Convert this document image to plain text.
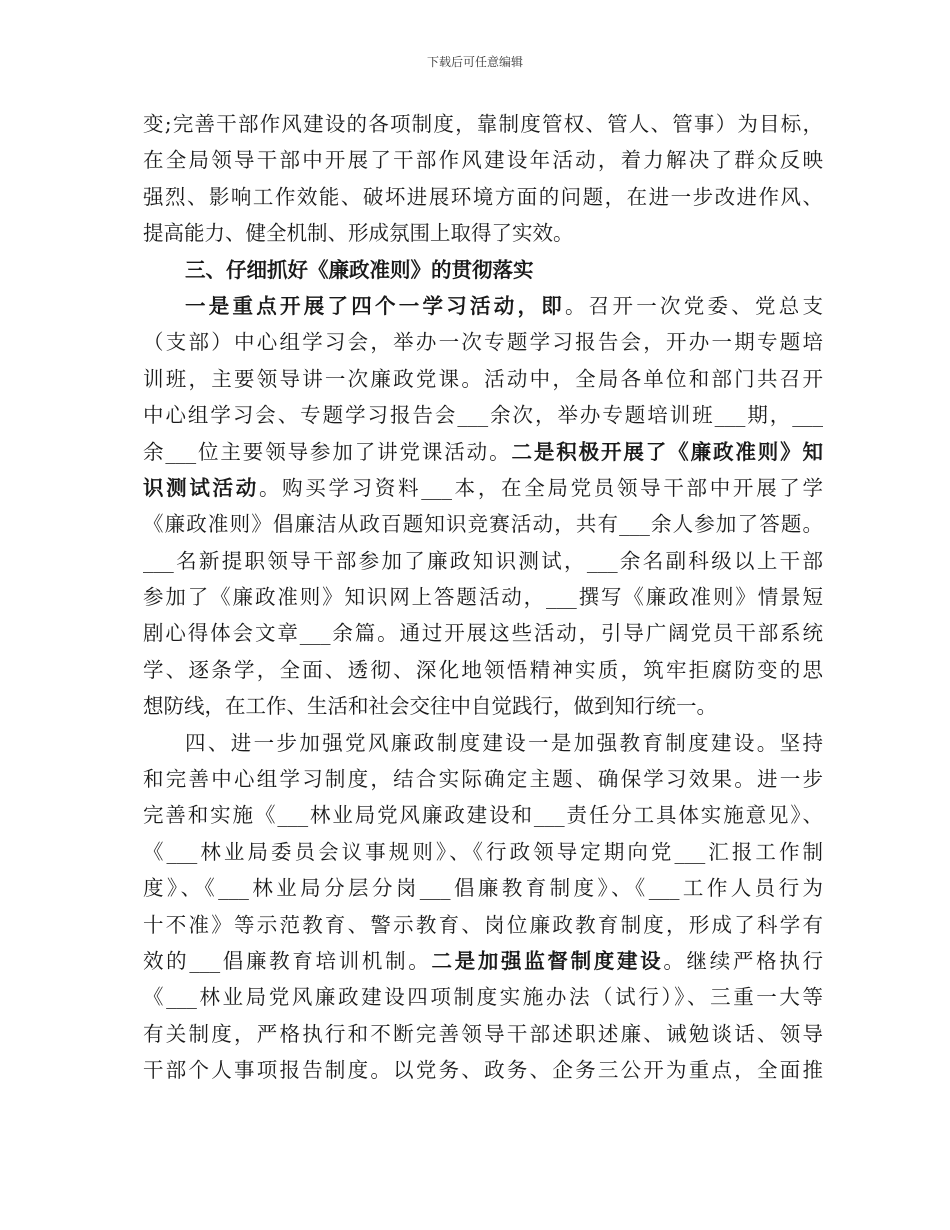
下载后可任意编辑
变;完善干部作风建设的各项制度，靠制度管权、管人、管事）为目标，
在全局领导干部中开展了干部作风建设年活动，着力解决了群众反映
强烈、影响工作效能、破坏进展环境方面的问题，在进一步改进作风、
提高能力、健全机制、形成氛围上取得了实效。
三、仔细抓好《廉政准则》的贯彻落实
一是重点开展了四个一学习活动，即。召开一次党委、党总支
（支部）中心组学习会，举办一次专题学习报告会，开办一期专题培
训班，主要领导讲一次廉政党课。活动中，全局各单位和部门共召开
中心组学习会、专题学习报告会___余次，举办专题培训班___期，___
余___位主要领导参加了讲党课活动。二是积极开展了《廉政准则》知
识测试活动。购买学习资料___本，在全局党员领导干部中开展了学
《廉政准则》倡廉洁从政百题知识竞赛活动，共有___余人参加了答题。
___名新提职领导干部参加了廉政知识测试，___余名副科级以上干部
参加了《廉政准则》知识网上答题活动，___撰写《廉政准则》情景短
剧心得体会文章___余篇。通过开展这些活动，引导广阔党员干部系统
学、逐条学，全面、透彻、深化地领悟精神实质，筑牢拒腐防变的思
想防线，在工作、生活和社会交往中自觉践行，做到知行统一。
四、进一步加强党风廉政制度建设一是加强教育制度建设。坚持
和完善中心组学习制度，结合实际确定主题、确保学习效果。进一步
完善和实施《___林业局党风廉政建设和___责任分工具体实施意见》、
《___林业局委员会议事规则》、《行政领导定期向党___汇报工作制
度》、《___林业局分层分岗___倡廉教育制度》、《___工作人员行为
十不准》等示范教育、警示教育、岗位廉政教育制度，形成了科学有
效的___倡廉教育培训机制。二是加强监督制度建设。继续严格执行
《___林业局党风廉政建设四项制度实施办法（试行）》、三重一大等
有关制度，严格执行和不断完善领导干部述职述廉、诫勉谈话、领导
干部个人事项报告制度。以党务、政务、企务三公开为重点，全面推
